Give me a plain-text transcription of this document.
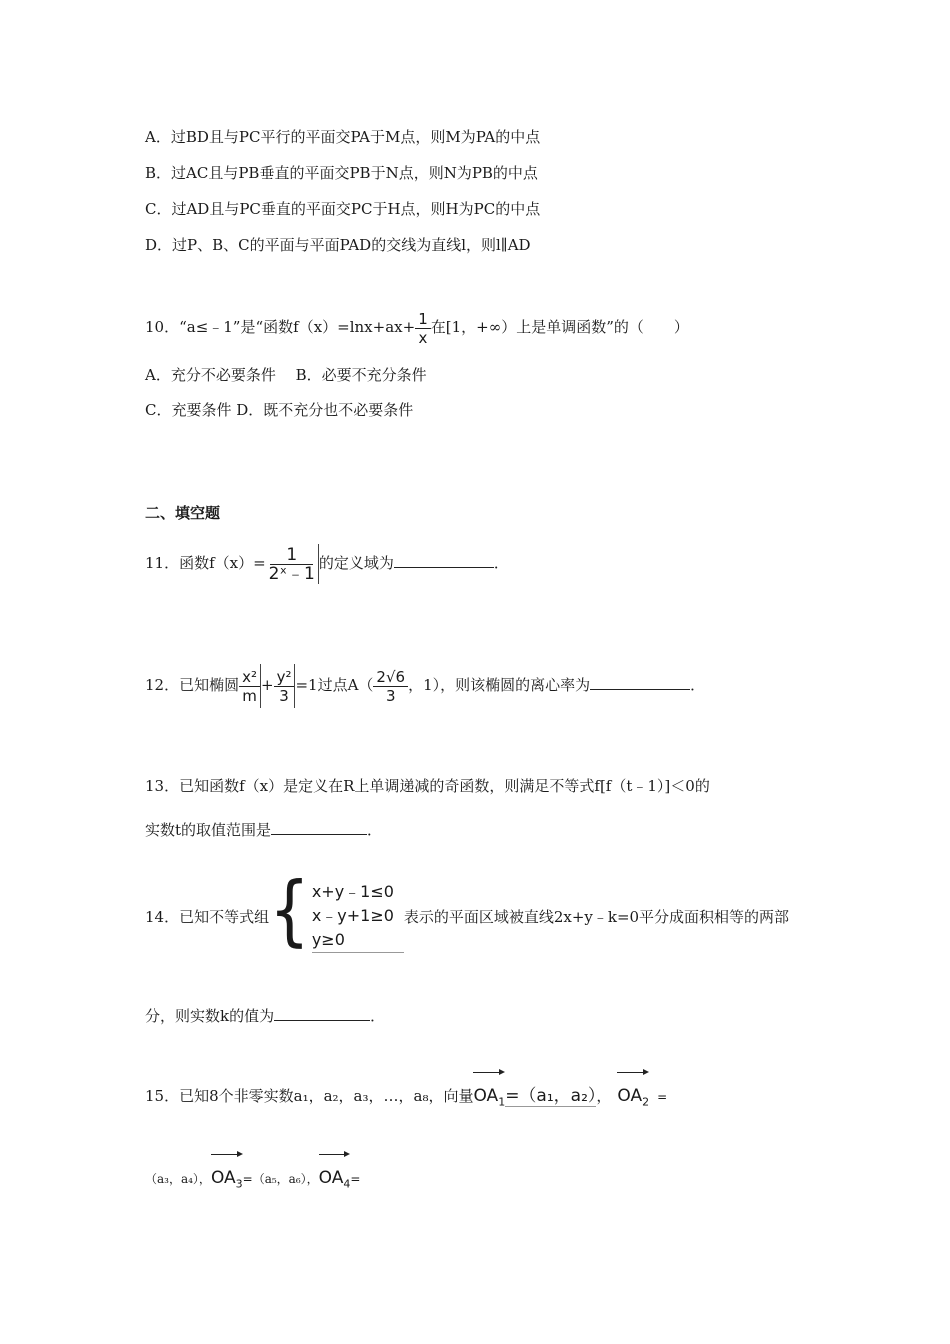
A．过BD且与PC平行的平面交PA于M点，则M为PA的中点
B．过AC且与PB垂直的平面交PB于N点，则N为PB的中点
C．过AD且与PC垂直的平面交PC于H点，则H为PC的中点
D．过P、B、C的平面与平面PAD的交线为直线l，则l∥AD
10．“a≤﹣1”是“函数$f(x)=\ln x+ax+ \frac{1}{x}$ 在[1，+∞）上是单调函数”的（　　）
A．充分不必要条件　 B．必要不充分条件
C．充要条件 D．既不充分也不必要条件
二、填空题
11．函数$f(x)= \frac{1}{\text{2ˣ﹣1}}$ 的定义域为	．
12．已知椭圆 $\frac{\text{x²}}{m} + \frac{\text{y²}}{3} =1$过点$A( \frac{2√6}{3}$ ，1），则该椭圆的离心率为	．
13．已知函数f（x）是定义在R上单调递减的奇函数，则满足不等式f[f（t﹣1）]＜0的
实数t的取值范围是	．
14．已知不等式组 { x+y﹣1≤0
x﹣y+1≥0
y≥0
表示的平面区域被直线2x+y﹣k=0平分成面积相等的两部
分，则实数k的值为	．
15．已知8个非零实数a₁，a₂，a₃，…，a₈，向量$OA_1=(a_1$，a₂）， $OA_2$ =
（a₃，a₄），$OA_3=(a_5$，a₆），$OA_4=$
